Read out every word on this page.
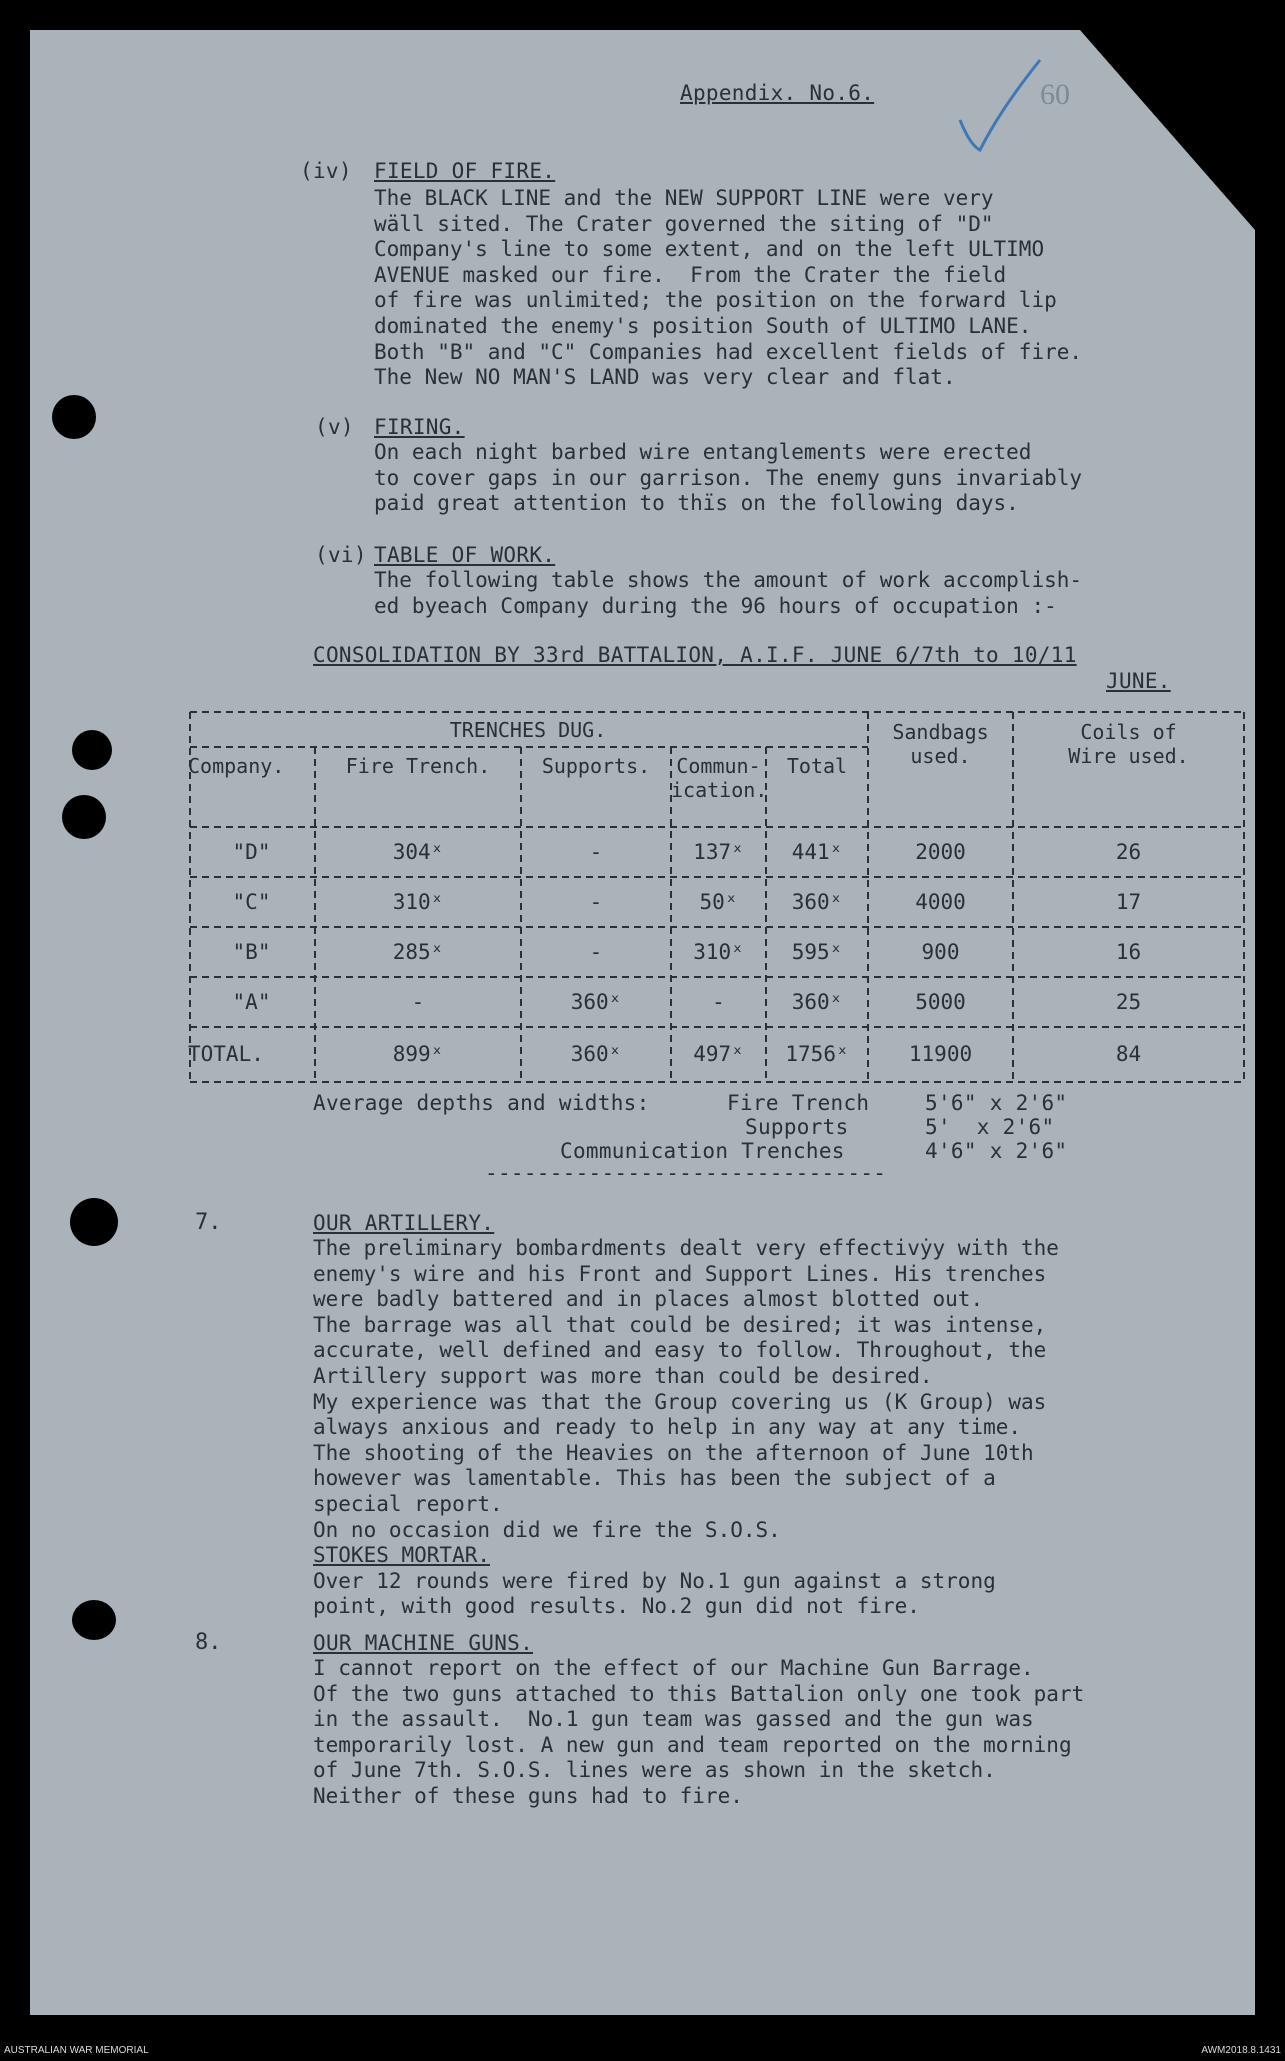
60
Appendix. No.6.
(iv) FIELD OF FIRE.
The BLACK LINE and the NEW SUPPORT LINE were very
wäll sited. The Crater governed the siting of "D"
Company's line to some extent, and on the left ULTIMO
AVENUE masked our fire.  From the Crater the field
of fire was unlimited; the position on the forward lip
dominated the enemy's position South of ULTIMO LANE.
Both "B" and "C" Companies had excellent fields of fire.
The New NO MAN'S LAND was very clear and flat.
(v) FIRING.
On each night barbed wire entanglements were erected
to cover gaps in our garrison. The enemy guns invariably
paid great attention to thïs on the following days.
(vi) TABLE OF WORK.
The following table shows the amount of work accomplish-
ed byeach Company during the 96 hours of occupation :-
CONSOLIDATION BY 33rd BATTALION, A.I.F. JUNE 6/7th to 10/11
JUNE.
TRENCHES DUG.
Company.	Fire Trench.	Supports.	Commun-
ication.
Total
Sandbags
used.
Coils of
Wire used.
"D"	304ˣ	-	137ˣ	441ˣ	2000	26
"C"	310ˣ	-	50ˣ	360ˣ	4000	17
"B"	285ˣ	-	310ˣ	595ˣ	900	16
"A"	-	360ˣ	-	360ˣ	5000	25
TOTAL.	899ˣ	360ˣ	497ˣ	1756ˣ	11900	84
Average depths and widths:	Fire Trench	5'6" x 2'6"
Supports	5'  x 2'6"
Communication Trenches	4'6" x 2'6"
-------------------------------
7.	OUR ARTILLERY.
The preliminary bombardments dealt very effectivẏy with the
enemy's wire and his Front and Support Lines. His trenches
were badly battered and in places almost blotted out.
The barrage was all that could be desired; it was intense,
accurate, well defined and easy to follow. Throughout, the
Artillery support was more than could be desired.
My experience was that the Group covering us (K Group) was
always anxious and ready to help in any way at any time.
The shooting of the Heavies on the afternoon of June 10th
however was lamentable. This has been the subject of a
special report.
On no occasion did we fire the S.O.S.
STOKES MORTAR.
Over 12 rounds were fired by No.1 gun against a strong
point, with good results. No.2 gun did not fire.
8.	OUR MACHINE GUNS.
I cannot report on the effect of our Machine Gun Barrage.
Of the two guns attached to this Battalion only one took part
in the assault.  No.1 gun team was gassed and the gun was
temporarily lost. A new gun and team reported on the morning
of June 7th. S.O.S. lines were as shown in the sketch.
Neither of these guns had to fire.
AUSTRALIAN WAR MEMORIAL	AWM2018.8.1431
